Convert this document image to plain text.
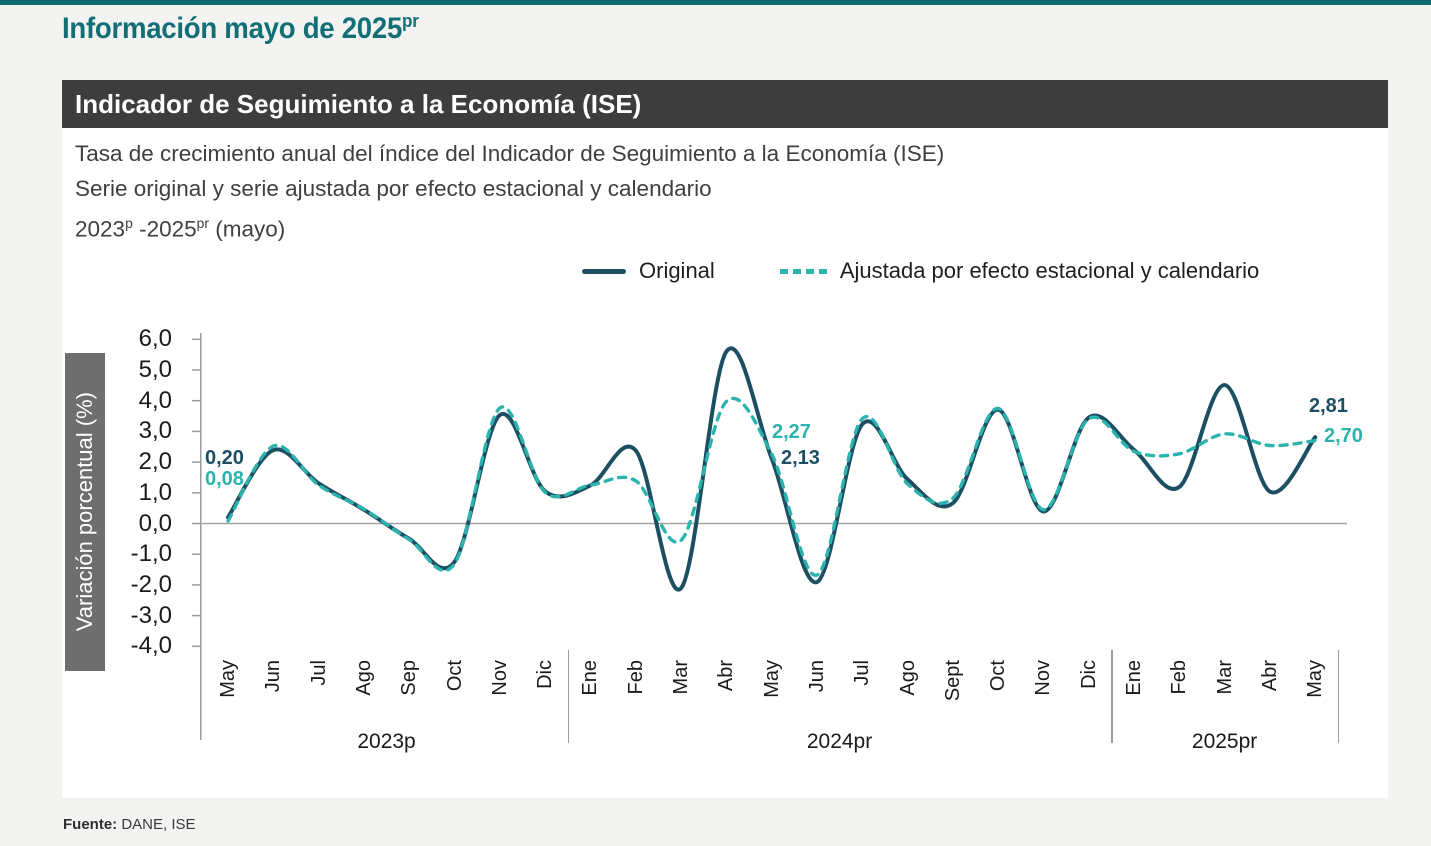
Información mayo de $2025^{pr}$
Indicador de Seguimiento a la Economía (ISE)
Tasa de crecimiento anual del índice del Indicador de Seguimiento a la Economía (ISE)
Serie original y serie ajustada por efecto estacional y calendario
2023$^p$ $-2025^{pr}$ (mayo)
Original	Ajustada por efecto estacional y calendario
Variación porcentual (%)
6,0
5,0
4,0
3,0
2,0
1,0
0,0
-1,0
-2,0
-3,0
-4,0
May Jun Jul Ago Sep Oct Nov Dic Ene Feb Mar Abr May Jun Jul Ago Sept Oct Nov Dic Ene Feb Mar Abr May
2023p	2024pr	2025pr
0,20
0,08
2,27
2,13
2,81
2,70
Fuente: DANE, ISE
